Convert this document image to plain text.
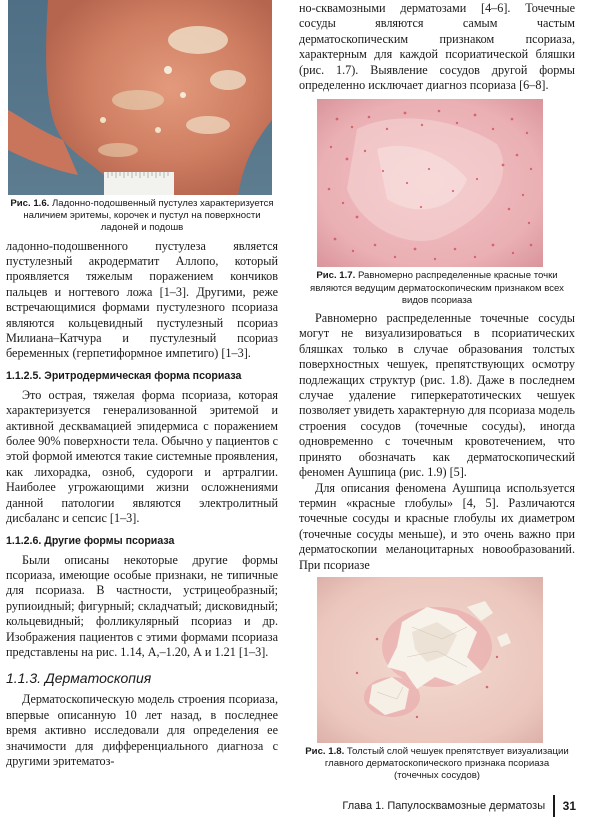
Рис. 1.6. Ладонно-подошвенный пустулез характеризуется наличием эритемы, корочек и пустул на поверхности ладоней и подошв

ладонно-подошвенного пустулеза является пустулезный акродерматит Аллопо, который проявляется тяжелым поражением кончиков пальцев и ногтевого ложа [1–3]. Другими, реже встречающимися формами пустулезного псориаза являются кольцевидный пустулезный псориаз Милиана–Катчура и пустулезный псориаз беременных (герпетиформное импетиго) [1–3].

1.1.2.5. Эритродермическая форма псориаза

Это острая, тяжелая форма псориаза, которая характеризуется генерализованной эритемой и активной десквамацией эпидермиса с поражением более 90% поверхности тела. Обычно у пациентов с этой формой имеются такие системные проявления, как лихорадка, озноб, судороги и артралгии. Наиболее угрожающими жизни осложнениями данной патологии являются электролитный дисбаланс и сепсис [1–3].

1.1.2.6. Другие формы псориаза

Были описаны некоторые другие формы псориаза, имеющие особые признаки, не типичные для псориаза. В частности, устрицеобразный; рупиоидный; фигурный; складчатый; дисковидный; кольцевидный; фолликулярный псориаз и др. Изображения пациентов с этими формами псориаза представлены на рис. 1.14, А,–1.20, А и 1.21 [1–3].

1.1.3. Дерматоскопия

Дерматоскопическую модель строения псориаза, впервые описанную 10 лет назад, в последнее время активно исследовали для определения ее значимости для дифференциального диагноза с другими эритематоз-

но-сквамозными дерматозами [4–6]. Точечные сосуды являются самым частым дерматоскопическим признаком псориаза, характерным для каждой псориатической бляшки (рис. 1.7). Выявление сосудов другой формы определенно исключает диагноз псориаза [6–8].

Рис. 1.7. Равномерно распределенные красные точки являются ведущим дерматоскопическим признаком всех видов псориаза

Равномерно распределенные точечные сосуды могут не визуализироваться в псориатических бляшках только в случае образования толстых поверхностных чешуек, препятствующих осмотру подлежащих структур (рис. 1.8). Даже в последнем случае удаление гиперкератотических чешуек позволяет увидеть характерную для псориаза модель строения сосудов (точечные сосуды), иногда одновременно с точечным кровотечением, что принято обозначать как дерматоскопический феномен Аушпица (рис. 1.9) [5].

Для описания феномена Аушпица используется термин «красные глобулы» [4, 5]. Различаются точечные сосуды и красные глобулы их диаметром (точечные сосуды меньше), и это очень важно при дерматоскопии меланоцитарных новообразований. При псориазе

Рис. 1.8. Толстый слой чешуек препятствует визуализации главного дерматоскопического признака псориаза (точечных сосудов)
Глава 1. Папулосквамозные дерматозы	31
